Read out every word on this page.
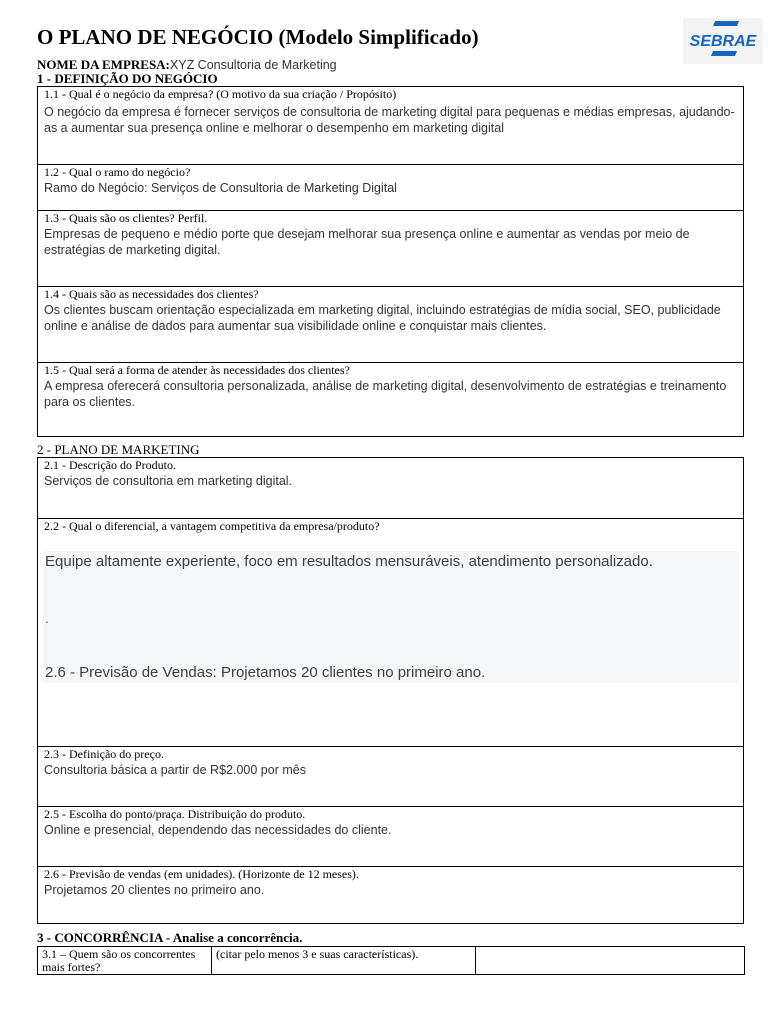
O PLANO DE NEGÓCIO (Modelo Simplificado)	SEBRAE
NOME DA EMPRESA:XYZ Consultoria de Marketing
1 - DEFINIÇÃO DO NEGÓCIO
1.1 - Qual é o negócio da empresa? (O motivo da sua criação / Propósito)
O negócio da empresa é fornecer serviços de consultoria de marketing digital para pequenas e médias empresas, ajudando-
as a aumentar sua presença online e melhorar o desempenho em marketing digital
1.2 - Qual o ramo do negócio?
Ramo do Negócio: Serviços de Consultoria de Marketing Digital
1.3 - Quais são os clientes? Perfil.
Empresas de pequeno e médio porte que desejam melhorar sua presença online e aumentar as vendas por meio de
estratégias de marketing digital.
1.4 - Quais são as necessidades dos clientes?
Os clientes buscam orientação especializada em marketing digital, incluindo estratégias de mídia social, SEO, publicidade
online e análise de dados para aumentar sua visibilidade online e conquistar mais clientes.
1.5 - Qual será a forma de atender às necessidades dos clientes?
A empresa oferecerá consultoria personalizada, análise de marketing digital, desenvolvimento de estratégias e treinamento
para os clientes.
2 - PLANO DE MARKETING
2.1 - Descrição do Produto.
Serviços de consultoria em marketing digital.
2.2 - Qual o diferencial, a vantagem competitiva da empresa/produto?
Equipe altamente experiente, foco em resultados mensuráveis, atendimento personalizado.
.
2.6 - Previsão de Vendas: Projetamos 20 clientes no primeiro ano.
2.3 - Definição do preço.
Consultoria básica a partir de R$2.000 por mês
2.5 - Escolha do ponto/praça. Distribuição do produto.
Online e presencial, dependendo das necessidades do cliente.
2.6 - Previsão de vendas (em unidades). (Horizonte de 12 meses).
Projetamos 20 clientes no primeiro ano.
3 - CONCORRÊNCIA - Analise a concorrência.
3.1 – Quem são os concorrentes mais fortes?
(citar pelo menos 3 e suas características).
